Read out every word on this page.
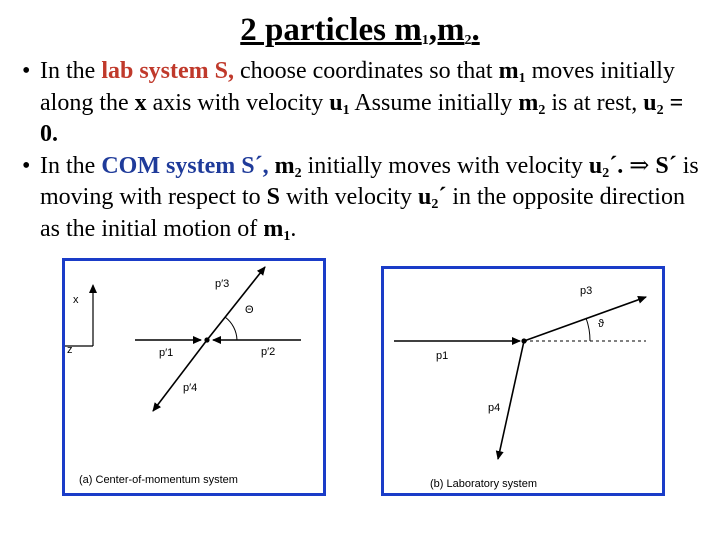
2 particles $m_1,m_2$.
• In the lab system S, choose coordinates so that $m_1$ moves initially along the x axis with velocity $u_1$ Assume initially $m_2$ is at rest, $u_2 = 0$.
• In the COM system S´, $m_2$ initially moves with velocity $u_2´$. ⇒ S´ is moving with respect to S with velocity $u_2´$ in the opposite direction as the initial motion of $m_1$.
x
z
Θ
p′3
p′1	p′2
p′4
(a) Center-of-momentum system
ϑ
p3
p1
p4
(b) Laboratory system
